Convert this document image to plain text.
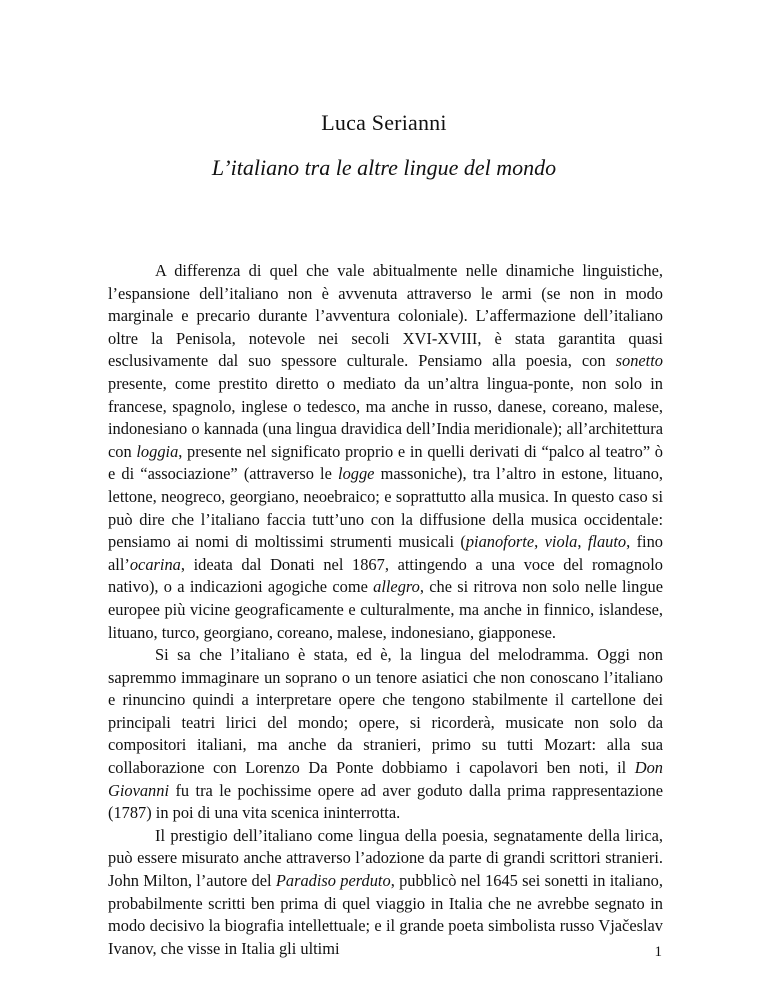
Luca Serianni
L’italiano tra le altre lingue del mondo

A differenza di quel che vale abitualmente nelle dinamiche linguistiche, l’espansione dell’italiano non è avvenuta attraverso le armi (se non in modo marginale e precario durante l’avventura coloniale). L’affermazione dell’italiano oltre la Penisola, notevole nei secoli XVI-XVIII, è stata garantita quasi esclusivamente dal suo spessore culturale. Pensiamo alla poesia, con sonetto presente, come prestito diretto o mediato da un’altra lingua-ponte, non solo in francese, spagnolo, inglese o tedesco, ma anche in russo, danese, coreano, malese, indonesiano o kannada (una lingua dravidica dell’India meridionale); all’architettura con loggia, presente nel significato proprio e in quelli derivati di “palco al teatro” ò e di “associazione” (attraverso le logge massoniche), tra l’altro in estone, lituano, lettone, neogreco, georgiano, neoebraico; e soprattutto alla musica. In questo caso si può dire che l’italiano faccia tutt’uno con la diffusione della musica occidentale: pensiamo ai nomi di moltissimi strumenti musicali (pianoforte, viola, flauto, fino all’ocarina, ideata dal Donati nel 1867, attingendo a una voce del romagnolo nativo), o a indicazioni agogiche come allegro, che si ritrova non solo nelle lingue europee più vicine geograficamente e culturalmente, ma anche in finnico, islandese, lituano, turco, georgiano, coreano, malese, indonesiano, giapponese.

Si sa che l’italiano è stata, ed è, la lingua del melodramma. Oggi non sapremmo immaginare un soprano o un tenore asiatici che non conoscano l’italiano e rinuncino quindi a interpretare opere che tengono stabilmente il cartellone dei principali teatri lirici del mondo; opere, si ricorderà, musicate non solo da compositori italiani, ma anche da stranieri, primo su tutti Mozart: alla sua collaborazione con Lorenzo Da Ponte dobbiamo i capolavori ben noti, il Don Giovanni fu tra le pochissime opere ad aver goduto dalla prima rappresentazione (1787) in poi di una vita scenica ininterrotta.

Il prestigio dell’italiano come lingua della poesia, segnatamente della lirica, può essere misurato anche attraverso l’adozione da parte di grandi scrittori stranieri. John Milton, l’autore del Paradiso perduto, pubblicò nel 1645 sei sonetti in italiano, probabilmente scritti ben prima di quel viaggio in Italia che ne avrebbe segnato in modo decisivo la biografia intellettuale; e il grande poeta simbolista russo Vjačeslav Ivanov, che visse in Italia gli ultimi	1
